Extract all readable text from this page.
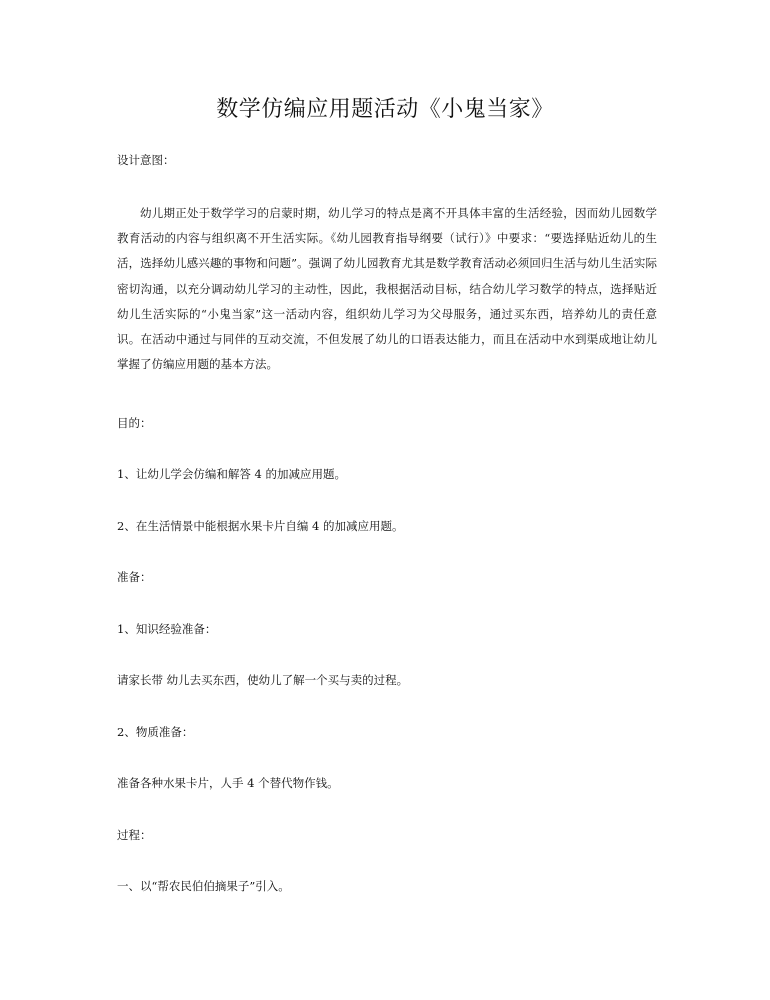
数学仿编应用题活动《小鬼当家》
设计意图：
幼儿期正处于数学学习的启蒙时期，幼儿学习的特点是离不开具体丰富的生活经验，因而幼儿园数学教育活动的内容与组织离不开生活实际。《幼儿园教育指导纲要（试行）》中要求：“要选择贴近幼儿的生活，选择幼儿感兴趣的事物和问题”。强调了幼儿园教育尤其是数学教育活动必须回归生活与幼儿生活实际密切沟通，以充分调动幼儿学习的主动性，因此，我根据活动目标，结合幼儿学习数学的特点，选择贴近幼儿生活实际的“小鬼当家”这一活动内容，组织幼儿学习为父母服务，通过买东西，培养幼儿的责任意识。在活动中通过与同伴的互动交流，不但发展了幼儿的口语表达能力，而且在活动中水到渠成地让幼儿掌握了仿编应用题的基本方法。
目的：
1、让幼儿学会仿编和解答 4 的加减应用题。
2、在生活情景中能根据水果卡片自编 4 的加减应用题。
准备：
1、知识经验准备：
请家长带 幼儿去买东西，使幼儿了解一个买与卖的过程。
2、物质准备：
准备各种水果卡片，人手 4 个替代物作钱。
过程：
一、以“帮农民伯伯摘果子”引入。
